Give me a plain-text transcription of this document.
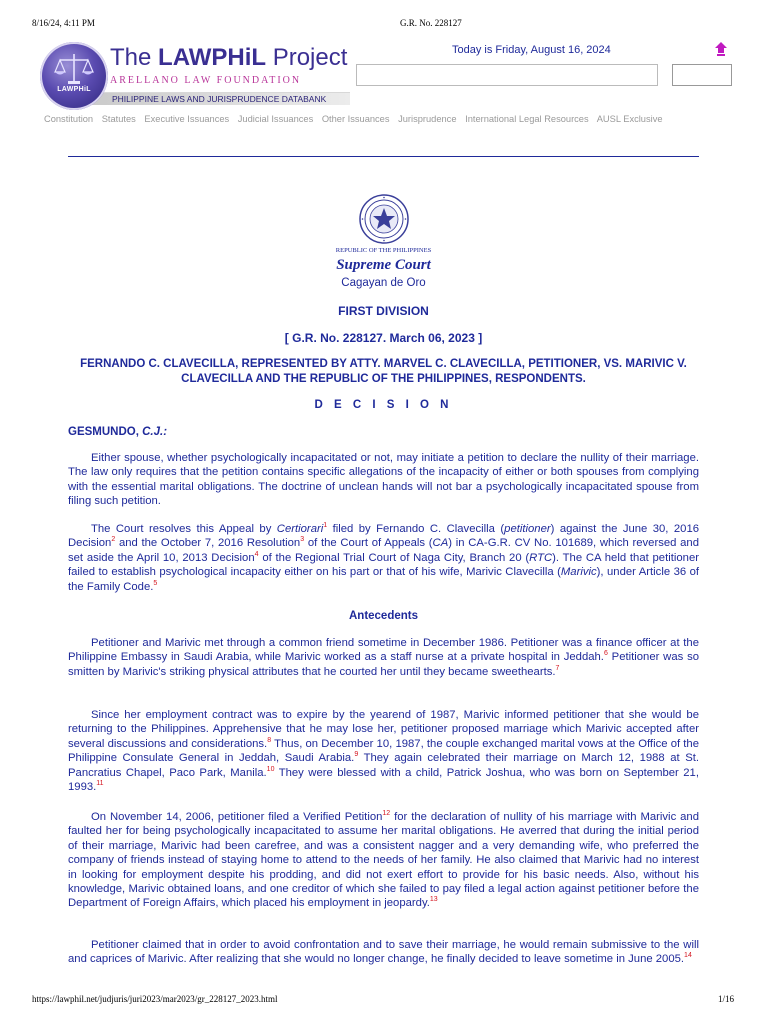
8/16/24, 4:11 PM	G.R. No. 228127
PHILIPPINE LAWS AND JURISPRUDENCE DATABANK
LAWPHiL
The LAWPHiL Project
ARELLANO LAW FOUNDATION
Today is Friday, August 16, 2024
Constitution Statutes Executive Issuances Judicial Issuances Other Issuances Jurisprudence International Legal Resources AUSL Exclusive
REPUBLIC OF THE PHILIPPINES
Supreme Court
Cagayan de Oro
FIRST DIVISION
[ G.R. No. 228127. March 06, 2023 ]
FERNANDO C. CLAVECILLA, REPRESENTED BY ATTY. MARVEL C. CLAVECILLA, PETITIONER, VS. MARIVIC V. CLAVECILLA AND THE REPUBLIC OF THE PHILIPPINES, RESPONDENTS.
D E C I S I O N
GESMUNDO, C.J.:
Either spouse, whether psychologically incapacitated or not, may initiate a petition to declare the nullity of their marriage. The law only requires that the petition contains specific allegations of the incapacity of either or both spouses from complying with the essential marital obligations. The doctrine of unclean hands will not bar a psychologically incapacitated spouse from filing such petition.
The Court resolves this Appeal by Certiorari$^1$ filed by Fernando C. Clavecilla (petitioner) against the June 30, 2016 Decision$^2$ and the October 7, 2016 Resolution$^3$ of the Court of Appeals (CA) in CA-G.R. CV No. 101689, which reversed and set aside the April 10, 2013 Decision$^4$ of the Regional Trial Court of Naga City, Branch 20 (RTC). The CA held that petitioner failed to establish psychological incapacity either on his part or that of his wife, Marivic Clavecilla (Marivic), under Article 36 of the Family Code.$^5$
Antecedents
Petitioner and Marivic met through a common friend sometime in December 1986. Petitioner was a finance officer at the Philippine Embassy in Saudi Arabia, while Marivic worked as a staff nurse at a private hospital in Jeddah.$^6$ Petitioner was so smitten by Marivic's striking physical attributes that he courted her until they became sweethearts.$^7$
Since her employment contract was to expire by the yearend of 1987, Marivic informed petitioner that she would be returning to the Philippines. Apprehensive that he may lose her, petitioner proposed marriage which Marivic accepted after several discussions and considerations.$^8$ Thus, on December 10, 1987, the couple exchanged marital vows at the Office of the Philippine Consulate General in Jeddah, Saudi Arabia.$^9$ They again celebrated their marriage on March 12, 1988 at St. Pancratius Chapel, Paco Park, Manila.$^{10}$ They were blessed with a child, Patrick Joshua, who was born on September 21, 1993.11
On November 14, 2006, petitioner filed a Verified Petition$^{12}$ for the declaration of nullity of his marriage with Marivic and faulted her for being psychologically incapacitated to assume her marital obligations. He averred that during the initial period of their marriage, Marivic had been carefree, and was a consistent nagger and a very demanding wife, who preferred the company of friends instead of staying home to attend to the needs of her family. He also claimed that Marivic had no interest in looking for employment despite his prodding, and did not exert effort to provide for his basic needs. Also, without his knowledge, Marivic obtained loans, and one creditor of which she failed to pay filed a legal action against petitioner before the Department of Foreign Affairs, which placed his employment in jeopardy.$^{13}$
Petitioner claimed that in order to avoid confrontation and to save their marriage, he would remain submissive to the will and caprices of Marivic. After realizing that she would no longer change, he finally decided to leave sometime in June 2005.14
https://lawphil.net/judjuris/juri2023/mar2023/gr_228127_2023.html	1/16
